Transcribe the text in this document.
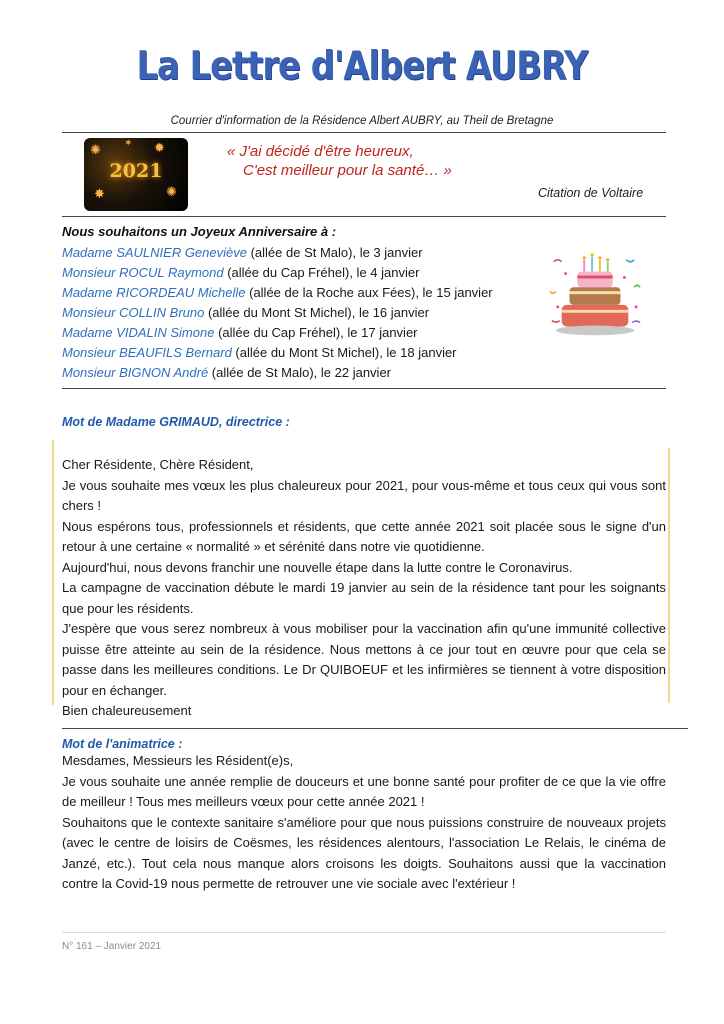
La Lettre d'Albert AUBRY
Courrier d'information de la Résidence Albert AUBRY, au Theil de Bretagne
✺	✹
✺
✸
✶
2021
« J'ai décidé d'être heureux,
C'est meilleur pour la santé… »
Citation de Voltaire
Nous souhaitons un Joyeux Anniversaire à :
Madame SAULNIER Geneviève (allée de St Malo), le 3 janvier
Monsieur ROCUL Raymond (allée du Cap Fréhel), le 4 janvier
Madame RICORDEAU Michelle (allée de la Roche aux Fées), le 15 janvier
Monsieur COLLIN Bruno (allée du Mont St Michel), le 16 janvier
Madame VIDALIN Simone (allée du Cap Fréhel), le 17 janvier
Monsieur BEAUFILS Bernard (allée du Mont St Michel), le 18 janvier
Monsieur BIGNON André (allée de St Malo), le 22 janvier
Mot de Madame GRIMAUD, directrice :

Cher Résidente, Chère Résident,

Je vous souhaite mes vœux les plus chaleureux pour 2021, pour vous-même et tous ceux qui vous sont chers !

Nous espérons tous, professionnels et résidents, que cette année 2021 soit placée sous le signe d'un retour à une certaine « normalité » et sérénité dans notre vie quotidienne.

Aujourd'hui, nous devons franchir une nouvelle étape dans la lutte contre le Coronavirus.

La campagne de vaccination débute le mardi 19 janvier au sein de la résidence tant pour les soignants que pour les résidents.

J'espère que vous serez nombreux à vous mobiliser pour la vaccination afin qu'une immunité collective puisse être atteinte au sein de la résidence. Nous mettons à ce jour tout en œuvre pour que cela se passe dans les meilleures conditions. Le Dr QUIBOEUF et les infirmières se tiennent à votre disposition pour en échanger.

Bien chaleureusement

Mot de l'animatrice :

Mesdames, Messieurs les Résident(e)s,

Je vous souhaite une année remplie de douceurs et une bonne santé pour profiter de ce que la vie offre de meilleur ! Tous mes meilleurs vœux pour cette année 2021 !

Souhaitons que le contexte sanitaire s'améliore pour que nous puissions construire de nouveaux projets (avec le centre de loisirs de Coësmes, les résidences alentours, l'association Le Relais, le cinéma de Janzé, etc.). Tout cela nous manque alors croisons les doigts. Souhaitons aussi que la vaccination contre la Covid-19 nous permette de retrouver une vie sociale avec l'extérieur !

N° 161 – Janvier 2021
